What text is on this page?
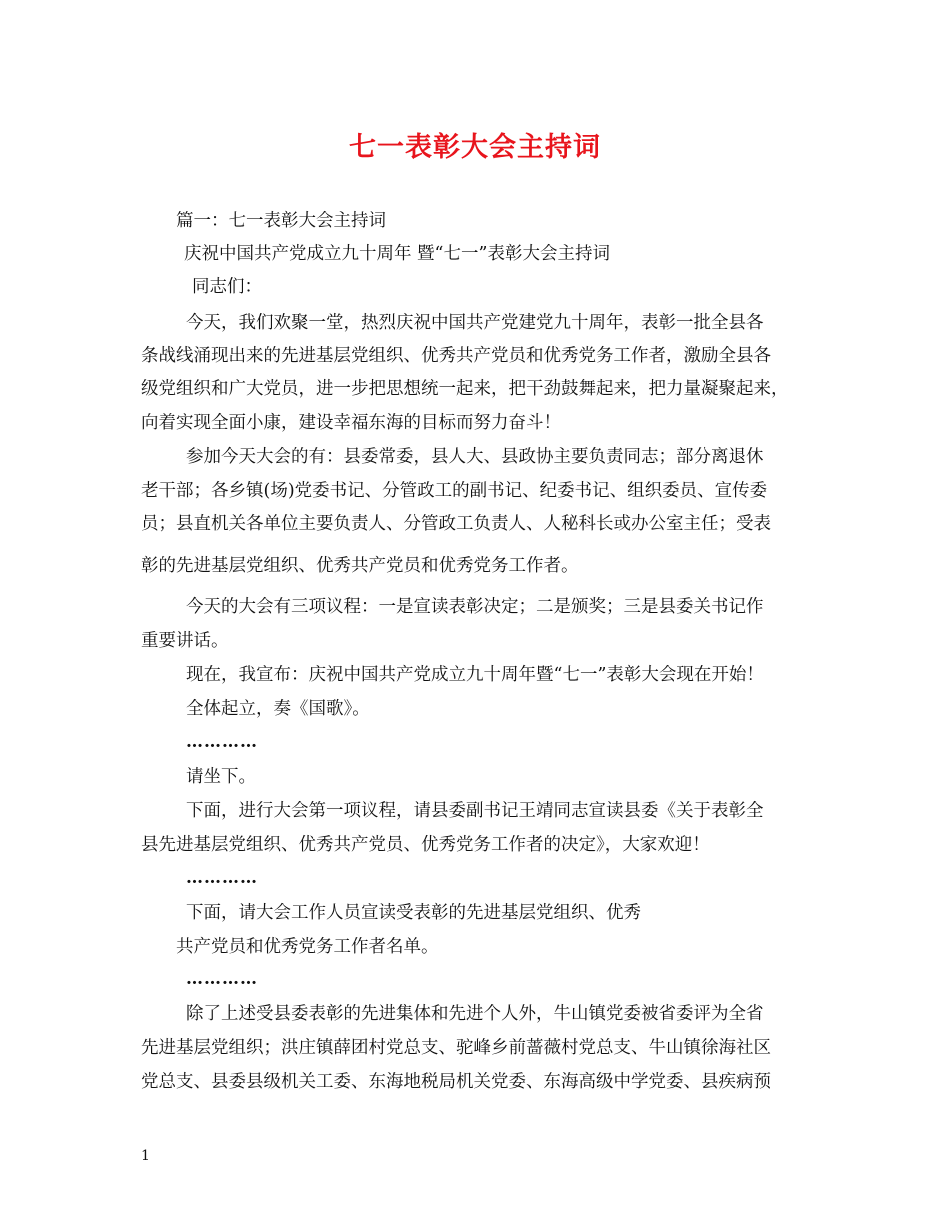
七一表彰大会主持词
篇一：七一表彰大会主持词
庆祝中国共产党成立九十周年 暨“七一”表彰大会主持词
同志们：
今天，我们欢聚一堂，热烈庆祝中国共产党建党九十周年，表彰一批全县各
条战线涌现出来的先进基层党组织、优秀共产党员和优秀党务工作者，激励全县各
级党组织和广大党员，进一步把思想统一起来，把干劲鼓舞起来，把力量凝聚起来，
向着实现全面小康，建设幸福东海的目标而努力奋斗！
参加今天大会的有：县委常委，县人大、县政协主要负责同志；部分离退休
老干部；各乡镇(场)党委书记、分管政工的副书记、纪委书记、组织委员、宣传委
员；县直机关各单位主要负责人、分管政工负责人、人秘科长或办公室主任；受表
彰的先进基层党组织、优秀共产党员和优秀党务工作者。
今天的大会有三项议程：一是宣读表彰决定；二是颁奖；三是县委关书记作
重要讲话。
现在，我宣布：庆祝中国共产党成立九十周年暨“七一”表彰大会现在开始！
全体起立，奏《国歌》。
…………
请坐下。
下面，进行大会第一项议程，请县委副书记王靖同志宣读县委《关于表彰全
县先进基层党组织、优秀共产党员、优秀党务工作者的决定》，大家欢迎！
…………
下面，请大会工作人员宣读受表彰的先进基层党组织、优秀
共产党员和优秀党务工作者名单。
…………
除了上述受县委表彰的先进集体和先进个人外，牛山镇党委被省委评为全省
先进基层党组织；洪庄镇薛团村党总支、驼峰乡前蔷薇村党总支、牛山镇徐海社区
党总支、县委县级机关工委、东海地税局机关党委、东海高级中学党委、县疾病预
1
